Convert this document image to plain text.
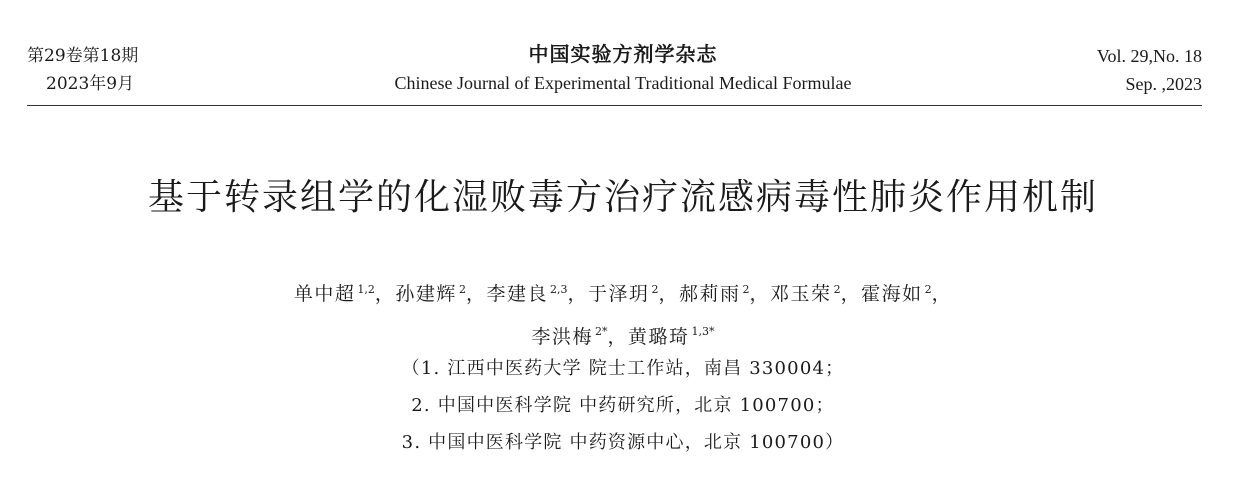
第29卷第18期
2023年9月
中国实验方剂学杂志
Chinese Journal of Experimental Traditional Medical Formulae
Vol. 29,No. 18
Sep. ,2023
基于转录组学的化湿败毒方治疗流感病毒性肺炎作用机制
单中超 $^{1,2}$，孙建辉 $^2$，李建良 $^{2,3}$，于泽玥 $^2$，郝莉雨 $^2$，邓玉荣 $^2$，霍海如 $^2$，
李洪梅 $^{2*}$，黄璐琦 $^{1,3*}$
（1. 江西中医药大学 院士工作站，南昌 330004；
2. 中国中医科学院 中药研究所，北京 100700；
3. 中国中医科学院 中药资源中心，北京 100700）
